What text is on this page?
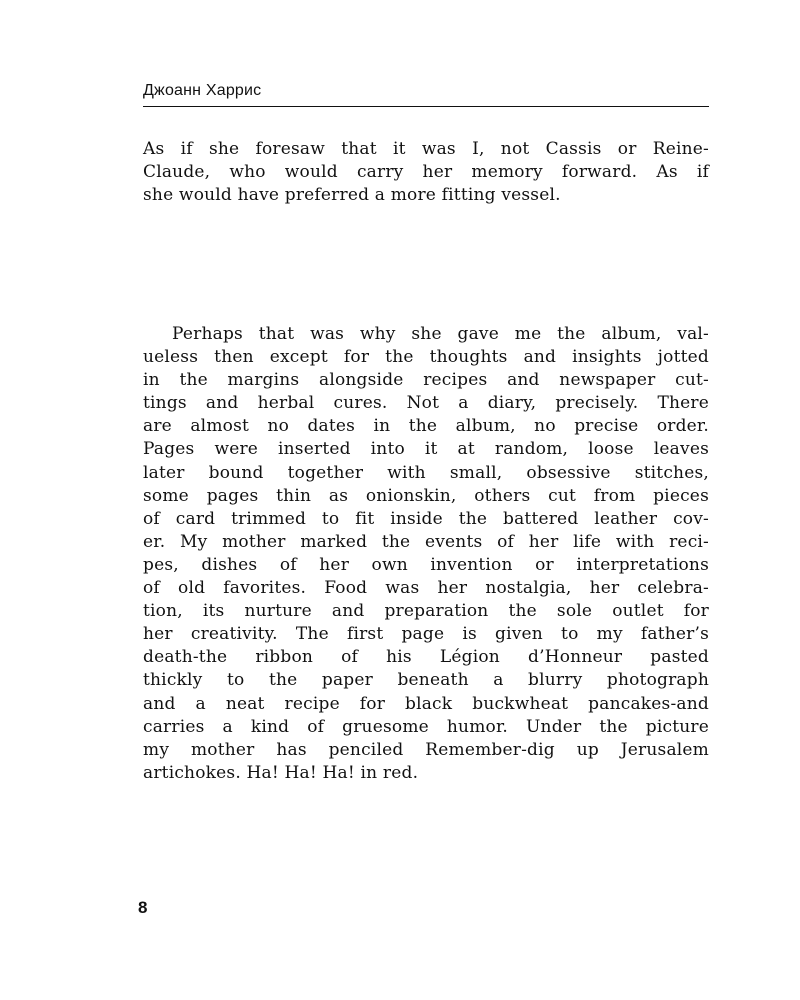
Джоанн Харрис

As if she foresaw that it was I, not Cassis or Reine-
Claude, who would carry her memory forward. As if
she would have preferred a more fitting vessel.

Perhaps that was why she gave me the album, val-
ueless then except for the thoughts and insights jotted
in the margins alongside recipes and newspaper cut-
tings and herbal cures. Not a diary, precisely. There
are almost no dates in the album, no precise order.
Pages were inserted into it at random, loose leaves
later bound together with small, obsessive stitches,
some pages thin as onionskin, others cut from pieces
of card trimmed to fit inside the battered leather cov-
er. My mother marked the events of her life with reci-
pes, dishes of her own invention or interpretations
of old favorites. Food was her nostalgia, her celebra-
tion, its nurture and preparation the sole outlet for
her creativity. The first page is given to my father’s
death-the ribbon of his Légion d’Honneur pasted
thickly to the paper beneath a blurry photograph
and a neat recipe for black buckwheat pancakes-and
carries a kind of gruesome humor. Under the picture
my mother has penciled Remember-dig up Jerusalem
artichokes. Ha! Ha! Ha! in red.

8
